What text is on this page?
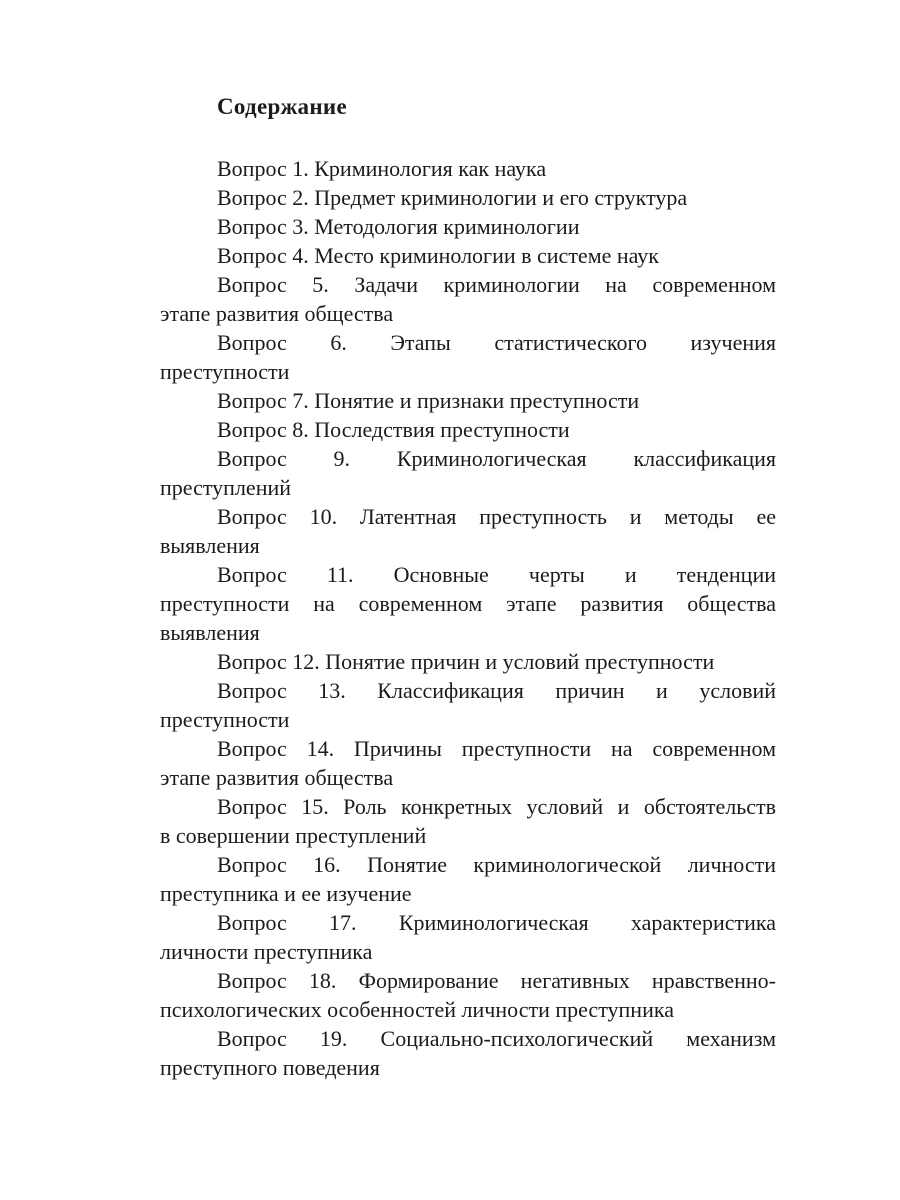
Содержание
Вопрос 1. Криминология как наука
Вопрос 2. Предмет криминологии и его структура
Вопрос 3. Методология криминологии
Вопрос 4. Место криминологии в системе наук
Вопрос 5. Задачи криминологии на современном
этапе развития общества
Вопрос 6. Этапы статистического изучения
преступности
Вопрос 7. Понятие и признаки преступности
Вопрос 8. Последствия преступности
Вопрос 9. Криминологическая классификация
преступлений
Вопрос 10. Латентная преступность и методы ее
выявления
Вопрос 11. Основные черты и тенденции
преступности на современном этапе развития общества
выявления
Вопрос 12. Понятие причин и условий преступности
Вопрос 13. Классификация причин и условий
преступности
Вопрос 14. Причины преступности на современном
этапе развития общества
Вопрос 15. Роль конкретных условий и обстоятельств
в совершении преступлений
Вопрос 16. Понятие криминологической личности
преступника и ее изучение
Вопрос 17. Криминологическая характеристика
личности преступника
Вопрос 18. Формирование негативных нравственно-
психологических особенностей личности преступника
Вопрос 19. Социально-психологический механизм
преступного поведения
